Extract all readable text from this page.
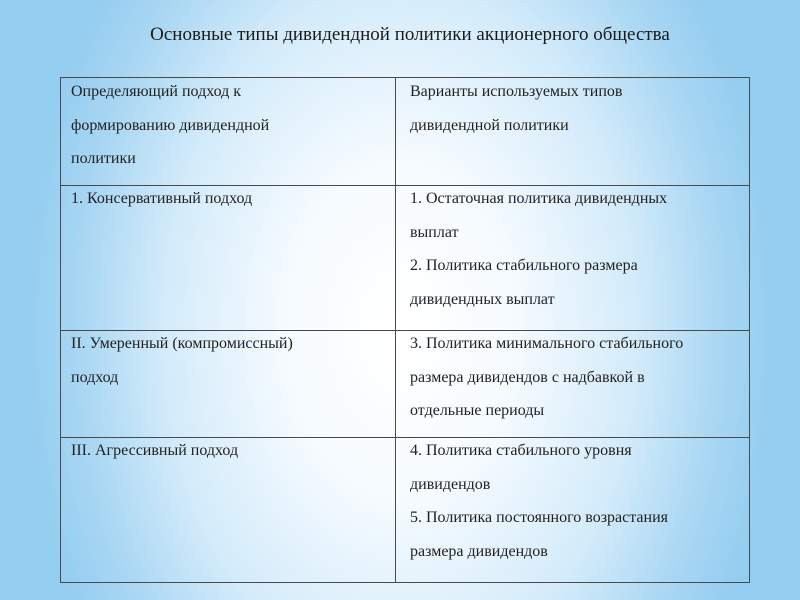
Основные типы дивидендной политики акционерного общества
Определяющий подход к
формированию дивидендной
политики	Варианты используемых типов
дивидендной политики

1. Консервативный подход	1. Остаточная политика дивидендных
выплат
2. Политика стабильного размера
дивидендных выплат

II. Умеренный (компромиссный)
подход	3. Политика минимального стабильного
размера дивидендов с надбавкой в
отдельные периоды

III. Агрессивный подход	4. Политика стабильного уровня
дивидендов
5. Политика постоянного возрастания
размера дивидендов
